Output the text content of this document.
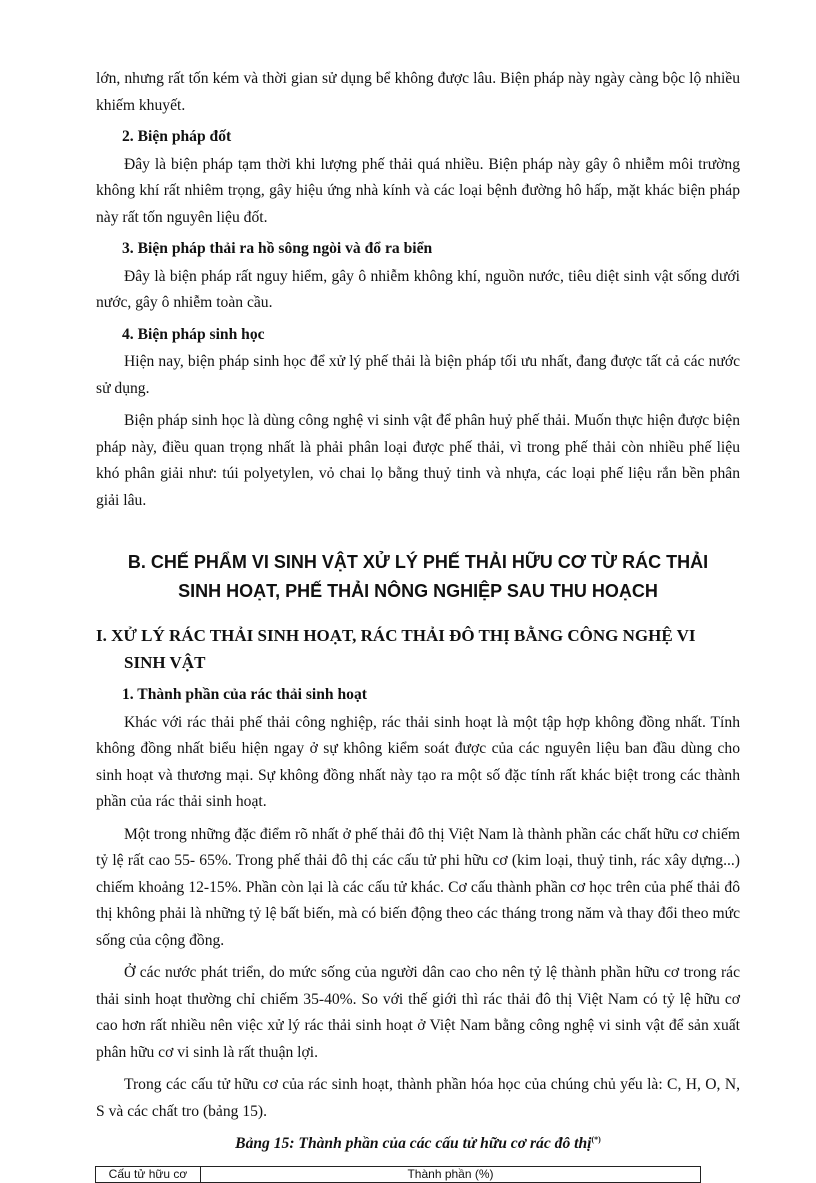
lớn, nhưng rất tốn kém và thời gian sử dụng bể không được lâu. Biện pháp này ngày càng bộc lộ nhiều khiếm khuyết.

2. Biện pháp đốt

Đây là biện pháp tạm thời khi lượng phế thải quá nhiều. Biện pháp này gây ô nhiễm môi trường không khí rất nhiêm trọng, gây hiệu ứng nhà kính và các loại bệnh đường hô hấp, mặt khác biện pháp này rất tốn nguyên liệu đốt.

3. Biện pháp thải ra hồ sông ngòi và đổ ra biển

Đây là biện pháp rất nguy hiểm, gây ô nhiễm không khí, nguồn nước, tiêu diệt sinh vật sống dưới nước, gây ô nhiễm toàn cầu.

4. Biện pháp sinh học

Hiện nay, biện pháp sinh học để xử lý phế thải là biện pháp tối ưu nhất, đang được tất cả các nước sử dụng.

Biện pháp sinh học là dùng công nghệ vi sinh vật để phân huỷ phế thải. Muốn thực hiện được biện pháp này, điều quan trọng nhất là phải phân loại được phế thải, vì trong phế thải còn nhiều phế liệu khó phân giải như: túi polyetylen, vỏ chai lọ bằng thuỷ tinh và nhựa, các loại phế liệu rắn bền phân giải lâu.

B. CHẾ PHẨM VI SINH VẬT XỬ LÝ PHẾ THẢI HỮU CƠ TỪ RÁC THẢI
SINH HOẠT, PHẾ THẢI NÔNG NGHIỆP SAU THU HOẠCH

I. XỬ LÝ RÁC THẢI SINH HOẠT, RÁC THẢI ĐÔ THỊ BẰNG CÔNG NGHỆ VI SINH VẬT

1. Thành phần của rác thải sinh hoạt

Khác với rác thải phế thải công nghiệp, rác thải sinh hoạt là một tập hợp không đồng nhất. Tính không đồng nhất biểu hiện ngay ở sự không kiểm soát được của các nguyên liệu ban đầu dùng cho sinh hoạt và thương mại. Sự không đồng nhất này tạo ra một số đặc tính rất khác biệt trong các thành phần của rác thải sinh hoạt.

Một trong những đặc điểm rõ nhất ở phế thải đô thị Việt Nam là thành phần các chất hữu cơ chiếm tỷ lệ rất cao 55- 65%. Trong phế thải đô thị các cấu tử phi hữu cơ (kim loại, thuỷ tinh, rác xây dựng...) chiếm khoảng 12-15%. Phần còn lại là các cấu tử khác. Cơ cấu thành phần cơ học trên của phế thải đô thị không phải là những tỷ lệ bất biến, mà có biến động theo các tháng trong năm và thay đổi theo mức sống của cộng đồng.

Ở các nước phát triển, do mức sống của người dân cao cho nên tỷ lệ thành phần hữu cơ trong rác thải sinh hoạt thường chỉ chiếm 35-40%. So với thế giới thì rác thải đô thị Việt Nam có tỷ lệ hữu cơ cao hơn rất nhiều nên việc xử lý rác thải sinh hoạt ở Việt Nam bằng công nghệ vi sinh vật để sản xuất phân hữu cơ vi sinh là rất thuận lợi.

Trong các cấu tử hữu cơ của rác sinh hoạt, thành phần hóa học của chúng chủ yếu là: C, H, O, N, S và các chất tro (bảng 15).

Bảng 15: Thành phần của các cấu tử hữu cơ rác đô thị(*)

Cấu tử hữu cơ	Thành phần (%)
